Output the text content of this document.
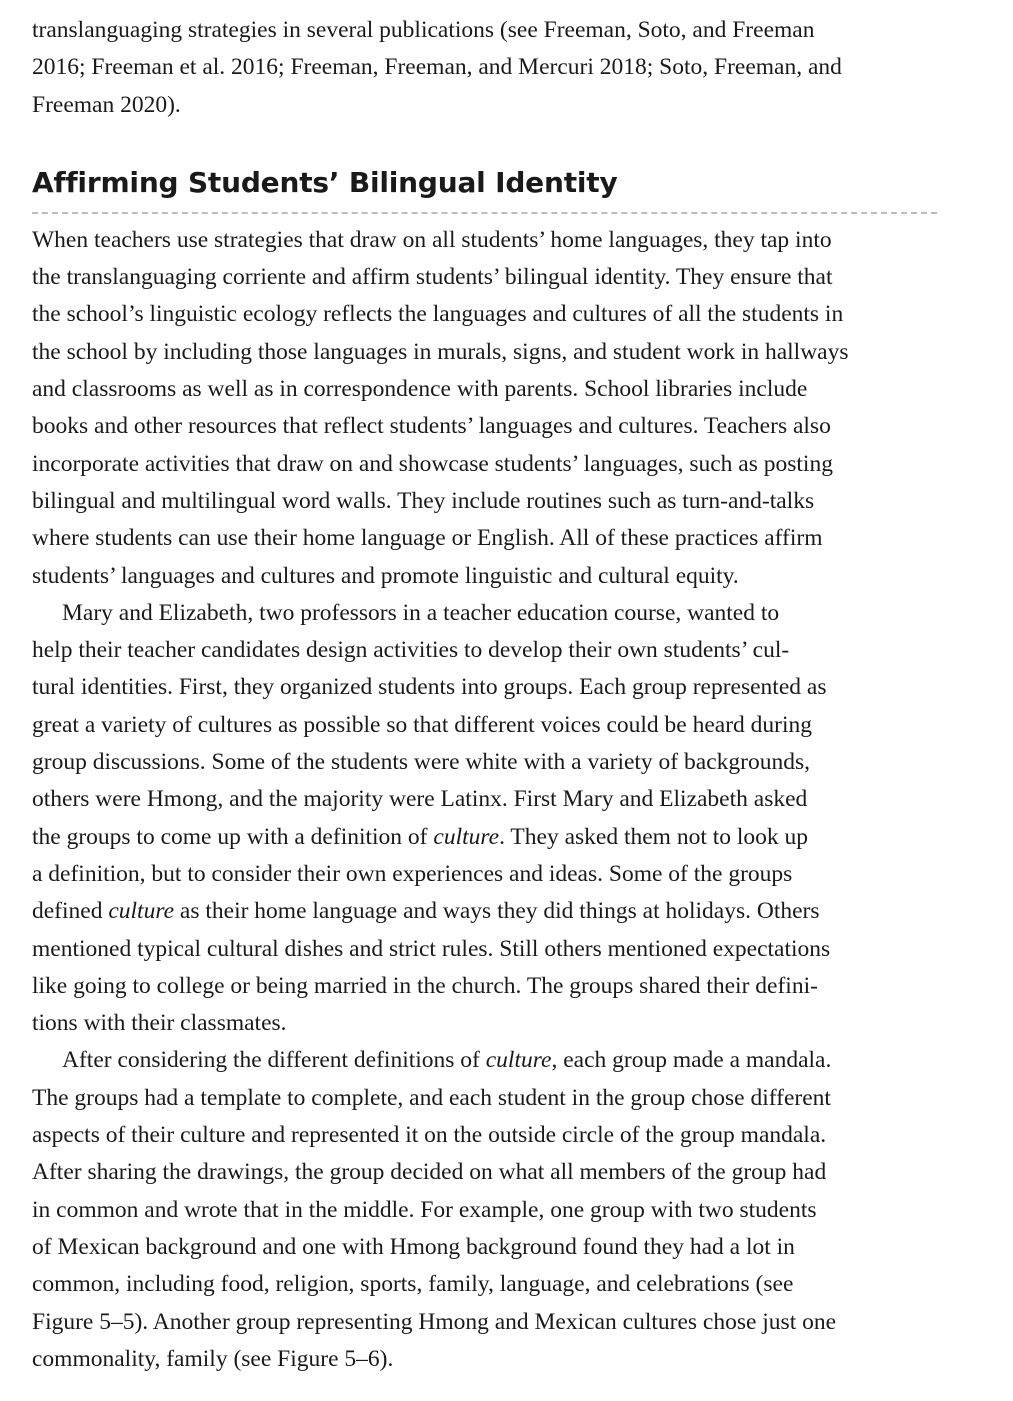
translanguaging strategies in several publications (see Freeman, Soto, and Freeman
2016; Freeman et al. 2016; Freeman, Freeman, and Mercuri 2018; Soto, Freeman, and
Freeman 2020).

Affirming Students’ Bilingual Identity

When teachers use strategies that draw on all students’ home languages, they tap into
the translanguaging corriente and affirm students’ bilingual identity. They ensure that
the school’s linguistic ecology reflects the languages and cultures of all the students in
the school by including those languages in murals, signs, and student work in hallways
and classrooms as well as in correspondence with parents. School libraries include
books and other resources that reflect students’ languages and cultures. Teachers also
incorporate activities that draw on and showcase students’ languages, such as posting
bilingual and multilingual word walls. They include routines such as turn-and-talks
where students can use their home language or English. All of these practices affirm
students’ languages and cultures and promote linguistic and cultural equity.

Mary and Elizabeth, two professors in a teacher education course, wanted to
help their teacher candidates design activities to develop their own students’ cul-
tural identities. First, they organized students into groups. Each group represented as
great a variety of cultures as possible so that different voices could be heard during
group discussions. Some of the students were white with a variety of backgrounds,
others were Hmong, and the majority were Latinx. First Mary and Elizabeth asked
the groups to come up with a definition of culture. They asked them not to look up
a definition, but to consider their own experiences and ideas. Some of the groups
defined culture as their home language and ways they did things at holidays. Others
mentioned typical cultural dishes and strict rules. Still others mentioned expectations
like going to college or being married in the church. The groups shared their defini-
tions with their classmates.

After considering the different definitions of culture, each group made a mandala.
The groups had a template to complete, and each student in the group chose different
aspects of their culture and represented it on the outside circle of the group mandala.
After sharing the drawings, the group decided on what all members of the group had
in common and wrote that in the middle. For example, one group with two students
of Mexican background and one with Hmong background found they had a lot in
common, including food, religion, sports, family, language, and celebrations (see
Figure 5–5). Another group representing Hmong and Mexican cultures chose just one
commonality, family (see Figure 5–6).
